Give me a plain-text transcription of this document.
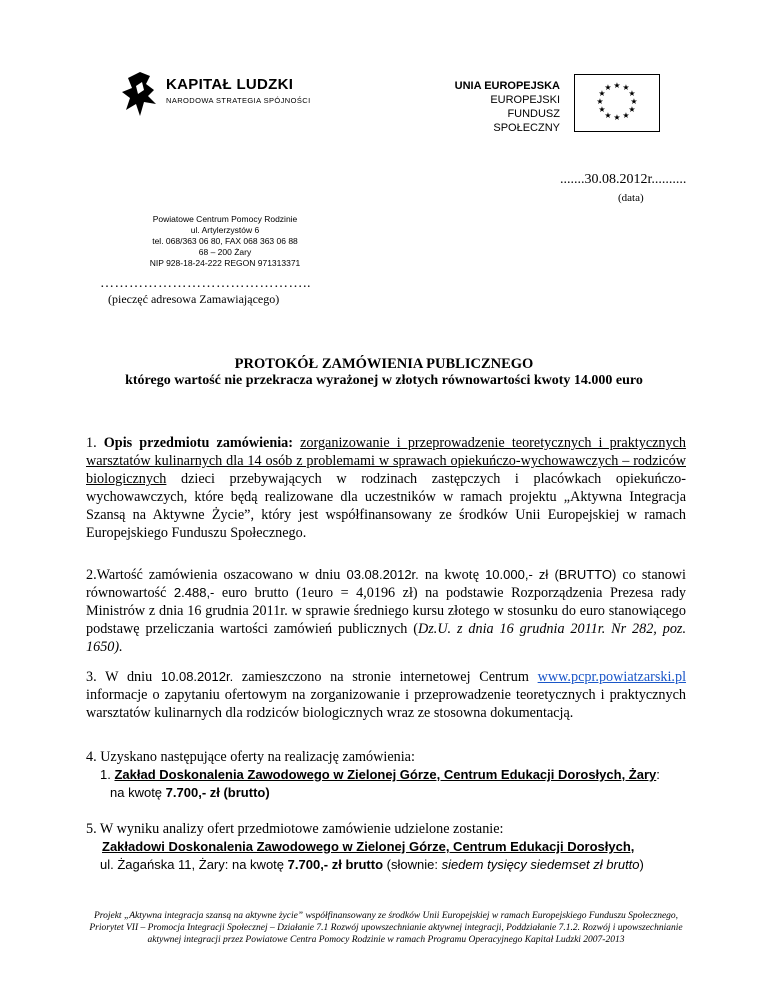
KAPITAŁ LUDZKI
NARODOWA STRATEGIA SPÓJNOŚCI
UNIA EUROPEJSKA
EUROPEJSKI
FUNDUSZ SPOŁECZNY
★ ★
★
★
★
★
★
★
★
★
★
★
.......30.08.2012r..........
(data)
Powiatowe Centrum Pomocy Rodzinie
ul. Artylerzystów 6
tel. 068/363 06 80, FAX 068 363 06 88
68 – 200 Żary
NIP 928-18-24-222 REGON 971313371
……………………………………..
(pieczęć adresowa Zamawiającego)
PROTOKÓŁ ZAMÓWIENIA PUBLICZNEGO
którego wartość nie przekracza wyrażonej w złotych równowartości kwoty 14.000 euro

1. Opis przedmiotu zamówienia: zorganizowanie i przeprowadzenie teoretycznych i praktycznych warsztatów kulinarnych dla 14 osób z problemami w sprawach opiekuńczo-wychowawczych – rodziców biologicznych dzieci przebywających w rodzinach zastępczych i placówkach opiekuńczo-wychowawczych, które będą realizowane dla uczestników w ramach projektu „Aktywna Integracja Szansą na Aktywne Życie”, który jest współfinansowany ze środków Unii Europejskiej w ramach Europejskiego Funduszu Społecznego.

2.Wartość zamówienia oszacowano w dniu 03.08.2012r. na kwotę 10.000,- zł (BRUTTO) co stanowi równowartość 2.488,- euro brutto (1euro = 4,0196 zł) na podstawie Rozporządzenia Prezesa rady Ministrów z dnia 16 grudnia 2011r. w sprawie średniego kursu złotego w stosunku do euro stanowiącego podstawę przeliczania wartości zamówień publicznych (Dz.U. z dnia 16 grudnia 2011r. Nr 282, poz. 1650).

3. W dniu 10.08.2012r. zamieszczono na stronie internetowej Centrum www.pcpr.powiatzarski.pl informacje o zapytaniu ofertowym na zorganizowanie i przeprowadzenie teoretycznych i praktycznych warsztatów kulinarnych dla rodziców biologicznych wraz ze stosowna dokumentacją.

4. Uzyskano następujące oferty na realizację zamówienia:

1. Zakład Doskonalenia Zawodowego w Zielonej Górze, Centrum Edukacji Dorosłych, Żary:

na kwotę 7.700,- zł (brutto)

5. W wyniku analizy ofert przedmiotowe zamówienie udzielone zostanie:

Zakładowi Doskonalenia Zawodowego w Zielonej Górze, Centrum Edukacji Dorosłych,

ul. Żagańska 11, Żary: na kwotę 7.700,- zł brutto (słownie: siedem tysięcy siedemset zł brutto)

Projekt „Aktywna integracja szansą na aktywne życie” współfinansowany ze środków Unii Europejskiej w ramach Europejskiego Funduszu Społecznego, Priorytet VII – Promocja Integracji Społecznej – Działanie 7.1 Rozwój upowszechnianie aktywnej integracji, Poddziałanie 7.1.2. Rozwój i upowszechnianie aktywnej integracji przez Powiatowe Centra Pomocy Rodzinie w ramach Programu Operacyjnego Kapitał Ludzki 2007-2013
